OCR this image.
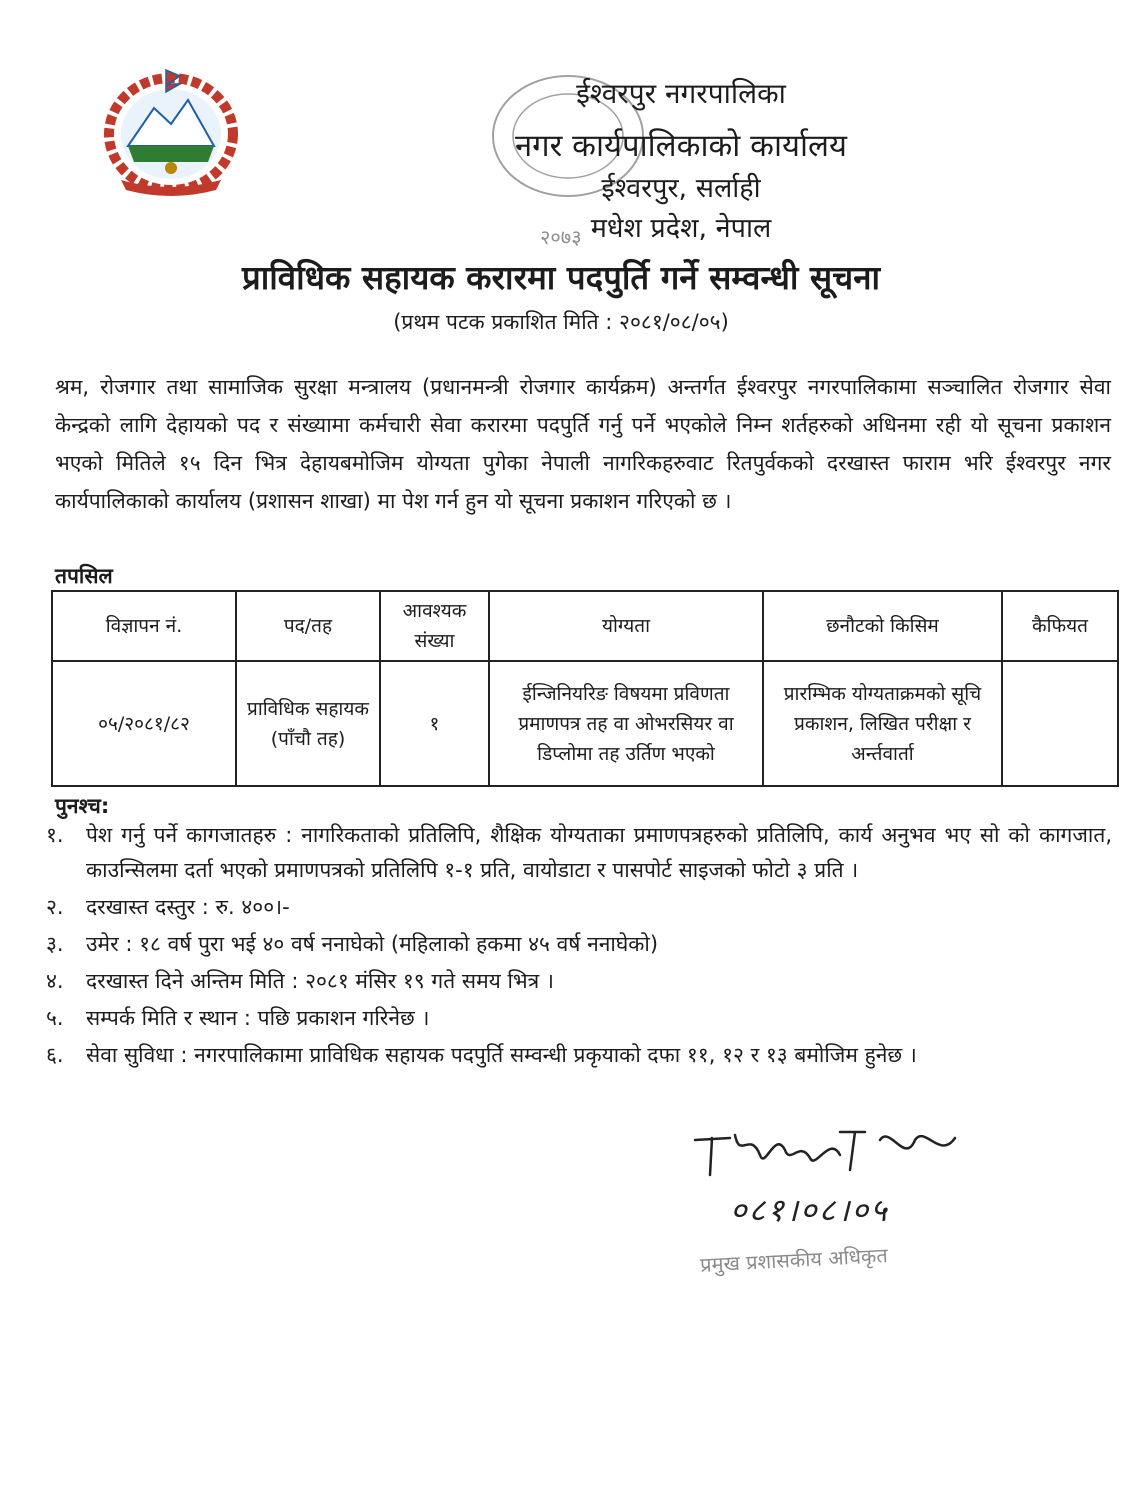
२०७३
ईश्वरपुर नगरपालिका
नगर कार्यपालिकाको कार्यालय
ईश्वरपुर, सर्लाही
मधेश प्रदेश, नेपाल
प्राविधिक सहायक करारमा पदपुर्ति गर्ने सम्वन्धी सूचना
(प्रथम पटक प्रकाशित मिति : २०८१/०८/०५)
श्रम, रोजगार तथा सामाजिक सुरक्षा मन्त्रालय (प्रधानमन्त्री रोजगार कार्यक्रम) अन्तर्गत ईश्वरपुर नगरपालिकामा सञ्चालित रोजगार सेवा केन्द्रको लागि देहायको पद र संख्यामा कर्मचारी सेवा करारमा पदपुर्ति गर्नु पर्ने भएकोले निम्न शर्तहरुको अधिनमा रही यो सूचना प्रकाशन भएको मितिले १५ दिन भित्र देहायबमोजिम योग्यता पुगेका नेपाली नागरिकहरुवाट रितपुर्वकको दरखास्त फाराम भरि ईश्वरपुर नगर कार्यपालिकाको कार्यालय (प्रशासन शाखा) मा पेश गर्न हुन यो सूचना प्रकाशन गरिएको छ ।
तपसिल
विज्ञापन नं.	पद/तह	आवश्यक संख्या	योग्यता	छनौटको किसिम	कैफियत
०५/२०८१/८२	प्राविधिक सहायक (पाँचौ तह)	१	ईन्जिनियरिङ विषयमा प्रविणता प्रमाणपत्र तह वा ओभरसियर वा डिप्लोमा तह उर्तिण भएको	प्रारम्भिक योग्यताक्रमको सूचि प्रकाशन, लिखित परीक्षा र अर्न्तवार्ता	
पुनश्च:
१.	पेश गर्नु पर्ने कागजातहरु : नागरिकताको प्रतिलिपि, शैक्षिक योग्यताका प्रमाणपत्रहरुको प्रतिलिपि, कार्य अनुभव भए सो को कागजात, काउन्सिलमा दर्ता भएको प्रमाणपत्रको प्रतिलिपि १-१ प्रति, वायोडाटा र पासपोर्ट साइजको फोटो ३ प्रति ।
२.	दरखास्त दस्तुर : रु. ४००।-
३.	उमेर : १८ वर्ष पुरा भई ४० वर्ष ननाघेको (महिलाको हकमा ४५ वर्ष ननाघेको)
४.	दरखास्त दिने अन्तिम मिति : २०८१ मंसिर १९ गते समय भित्र ।
५.	सम्पर्क मिति र स्थान : पछि प्रकाशन गरिनेछ ।
६.	सेवा सुविधा : नगरपालिकामा प्राविधिक सहायक पदपुर्ति सम्वन्धी प्रकृयाको दफा ११, १२ र १३ बमोजिम हुनेछ ।
०८१।०८।०५
प्रमुख प्रशासकीय अधिकृत
